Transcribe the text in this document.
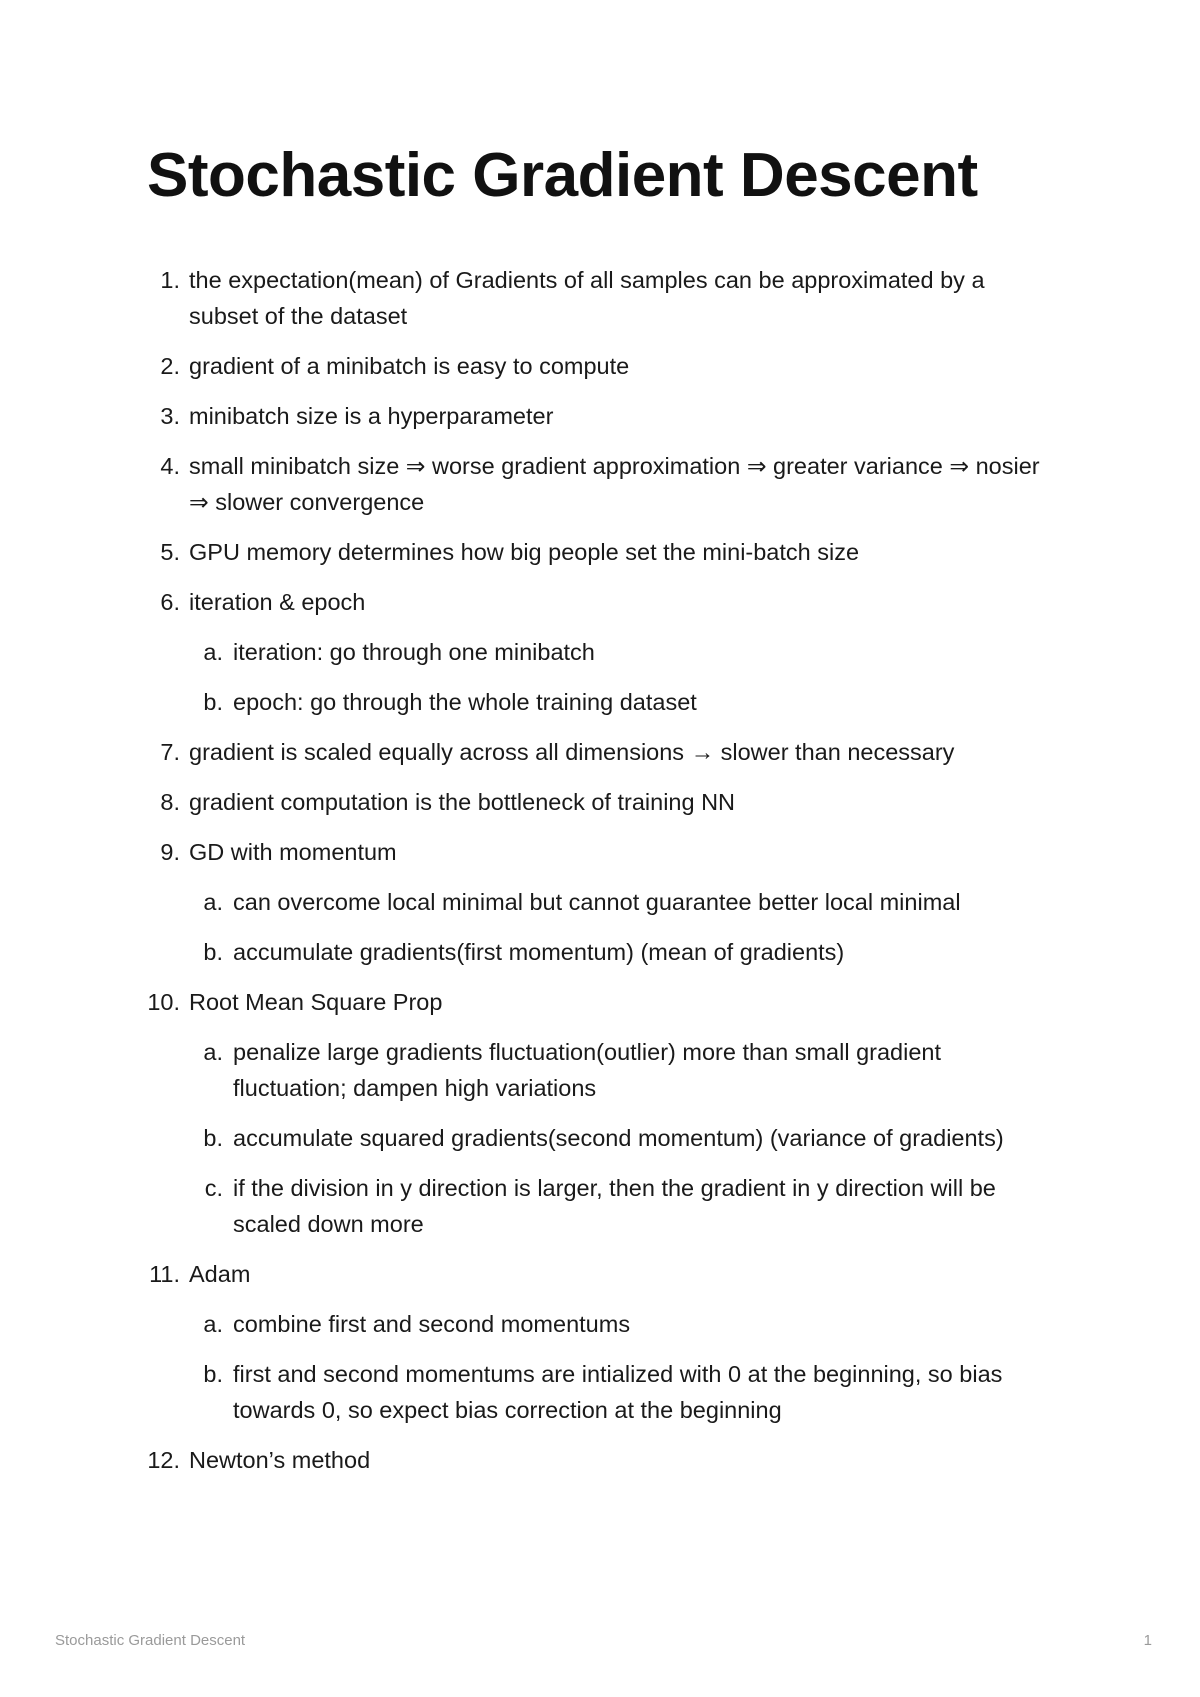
Stochastic Gradient Descent
1. the expectation(mean) of Gradients of all samples can be approximated by a subset of the dataset
2. gradient of a minibatch is easy to compute
3. minibatch size is a hyperparameter
4. small minibatch size ⇒ worse gradient approximation ⇒ greater variance ⇒ nosier ⇒ slower convergence
5. GPU memory determines how big people set the mini-batch size
6. iteration & epoch
a. iteration: go through one minibatch
b. epoch: go through the whole training dataset
7. gradient is scaled equally across all dimensions → slower than necessary
8. gradient computation is the bottleneck of training NN
9. GD with momentum
a. can overcome local minimal but cannot guarantee better local minimal
b. accumulate gradients(first momentum) (mean of gradients)
10. Root Mean Square Prop
a. penalize large gradients fluctuation(outlier) more than small gradient fluctuation; dampen high variations
b. accumulate squared gradients(second momentum) (variance of gradients)
c. if the division in y direction is larger, then the gradient in y direction will be scaled down more
11. Adam
a. combine first and second momentums
b. first and second momentums are intialized with 0 at the beginning, so bias towards 0, so expect bias correction at the beginning
12. Newton’s method
Stochastic Gradient Descent	1
